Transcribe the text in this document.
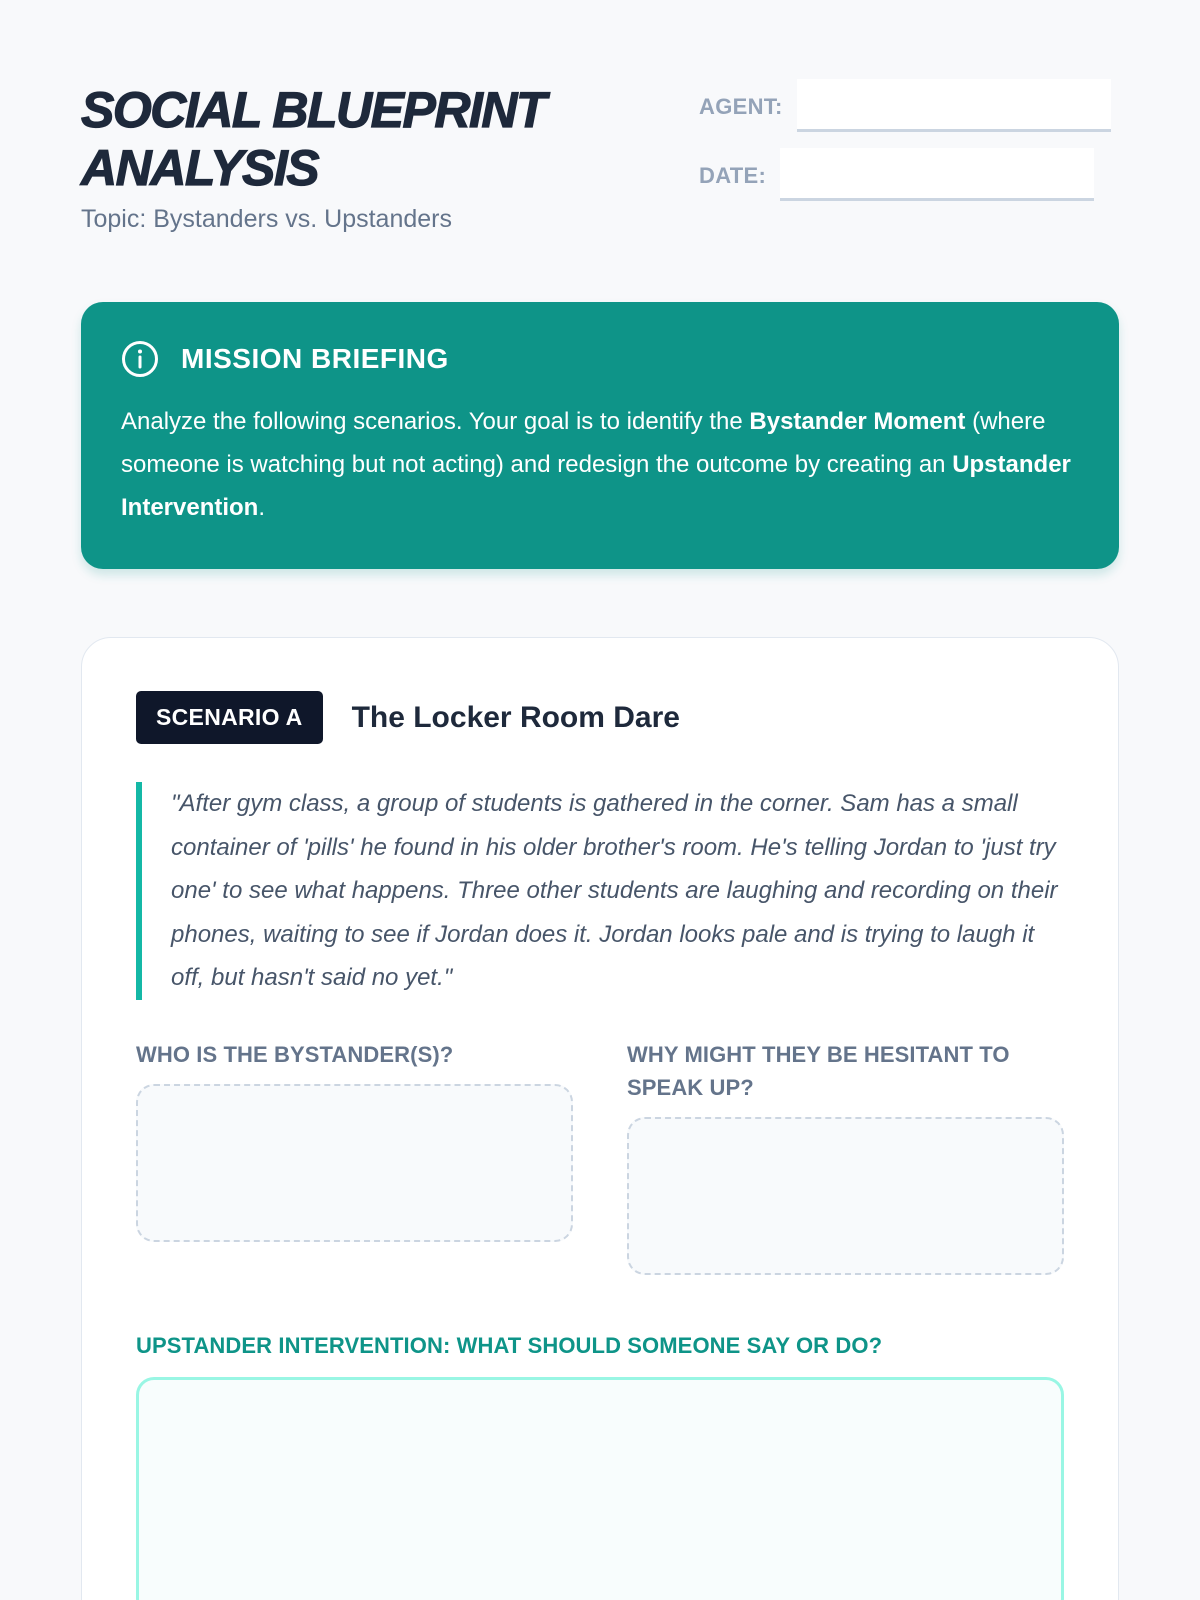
SOCIAL BLUEPRINT ANALYSIS
Topic: Bystanders vs. Upstanders
AGENT:
DATE:
MISSION BRIEFING

Analyze the following scenarios. Your goal is to identify the Bystander Moment (where someone is watching but not acting) and redesign the outcome by creating an Upstander Intervention.

SCENARIO A	The Locker Room Dare
"After gym class, a group of students is gathered in the corner. Sam has a small container of 'pills' he found in his older brother's room. He's telling Jordan to 'just try one' to see what happens. Three other students are laughing and recording on their phones, waiting to see if Jordan does it. Jordan looks pale and is trying to laugh it off, but hasn't said no yet."
WHO IS THE BYSTANDER(S)?	WHY MIGHT THEY BE HESITANT TO SPEAK UP?
UPSTANDER INTERVENTION: WHAT SHOULD SOMEONE SAY OR DO?
